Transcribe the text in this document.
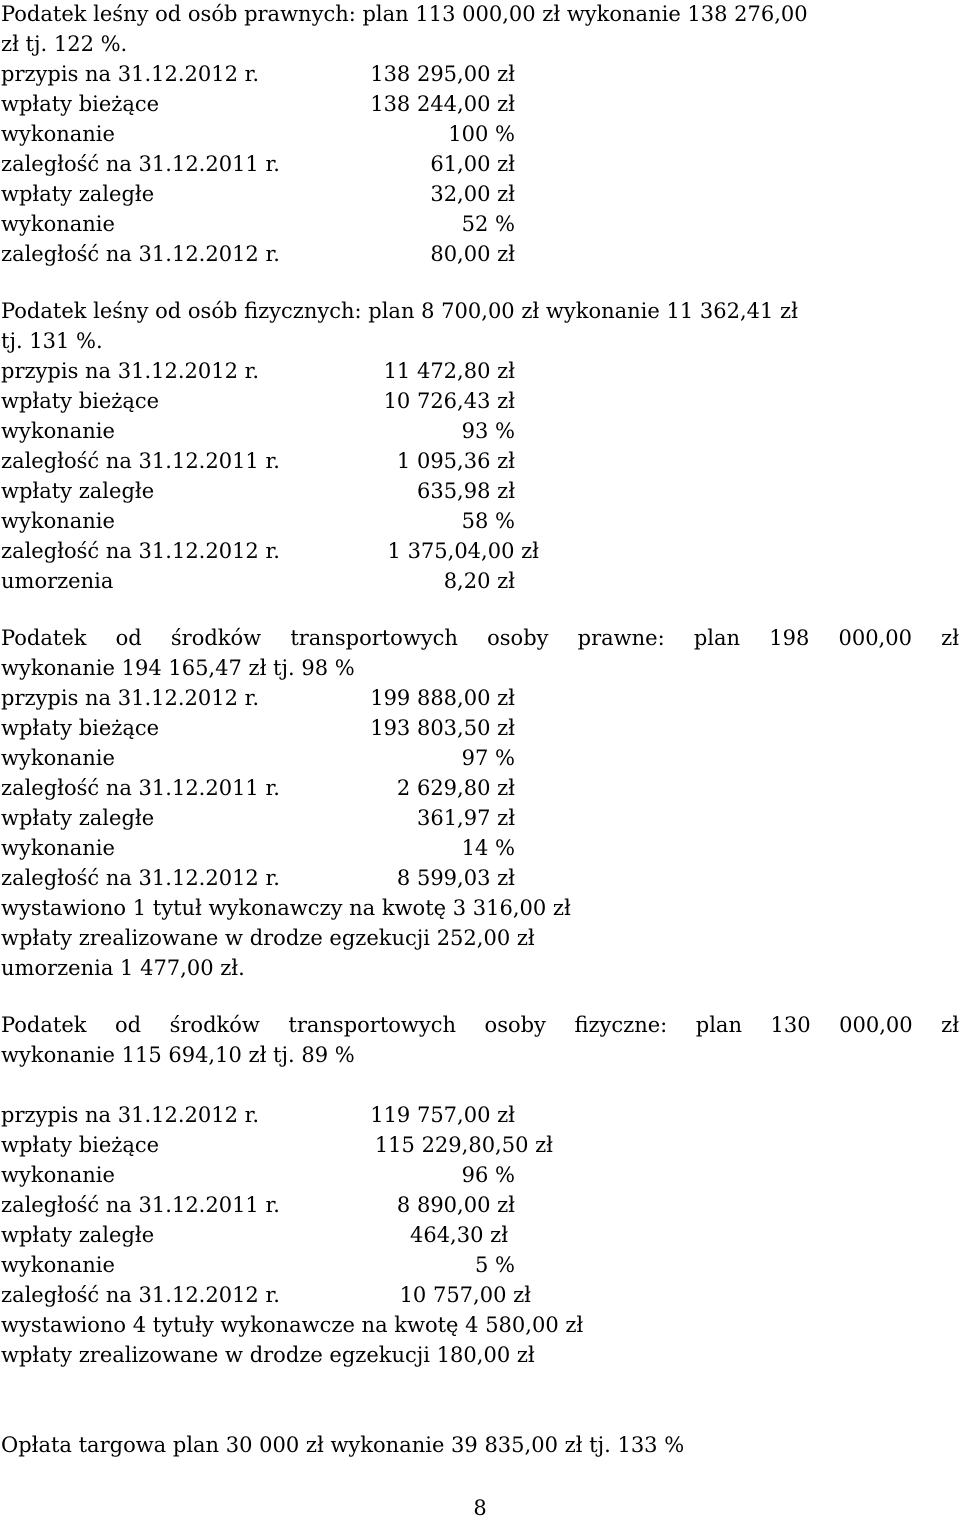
Podatek leśny od osób prawnych: plan 113 000,00 zł wykonanie 138 276,00
zł tj. 122 %.
przypis na 31.12.2012 r.	138 295,00 zł
wpłaty bieżące	138 244,00 zł
wykonanie	100 %
zaległość na 31.12.2011 r.	61,00 zł
wpłaty zaległe	32,00 zł
wykonanie	52 %
zaległość na 31.12.2012 r.	80,00 zł
Podatek leśny od osób fizycznych: plan 8 700,00 zł wykonanie 11 362,41 zł
tj. 131 %.
przypis na 31.12.2012 r.	11 472,80 zł
wpłaty bieżące	10 726,43 zł
wykonanie	93 %
zaległość na 31.12.2011 r.	1 095,36 zł
wpłaty zaległe	635,98 zł
wykonanie	58 %
zaległość na 31.12.2012 r.	1 375,04,00 zł
umorzenia	8,20 zł
Podatek od środków transportowych osoby prawne: plan 198 000,00 zł
wykonanie 194 165,47 zł tj. 98 %
przypis na 31.12.2012 r.	199 888,00 zł
wpłaty bieżące	193 803,50 zł
wykonanie	97 %
zaległość na 31.12.2011 r.	2 629,80 zł
wpłaty zaległe	361,97 zł
wykonanie	14 %
zaległość na 31.12.2012 r.	8 599,03 zł
wystawiono 1 tytuł wykonawczy na kwotę 3 316,00 zł
wpłaty zrealizowane w drodze egzekucji 252,00 zł
umorzenia 1 477,00 zł.
Podatek od środków transportowych osoby fizyczne: plan 130 000,00 zł
wykonanie 115 694,10 zł tj. 89 %
przypis na 31.12.2012 r.	119 757,00 zł
wpłaty bieżące	115 229,80,50 zł
wykonanie	96 %
zaległość na 31.12.2011 r.	8 890,00 zł
wpłaty zaległe	464,30 zł
wykonanie	5 %
zaległość na 31.12.2012 r.	10 757,00 zł
wystawiono 4 tytuły wykonawcze na kwotę 4 580,00 zł
wpłaty zrealizowane w drodze egzekucji 180,00 zł
Opłata targowa plan 30 000 zł wykonanie 39 835,00 zł tj. 133 %
8
